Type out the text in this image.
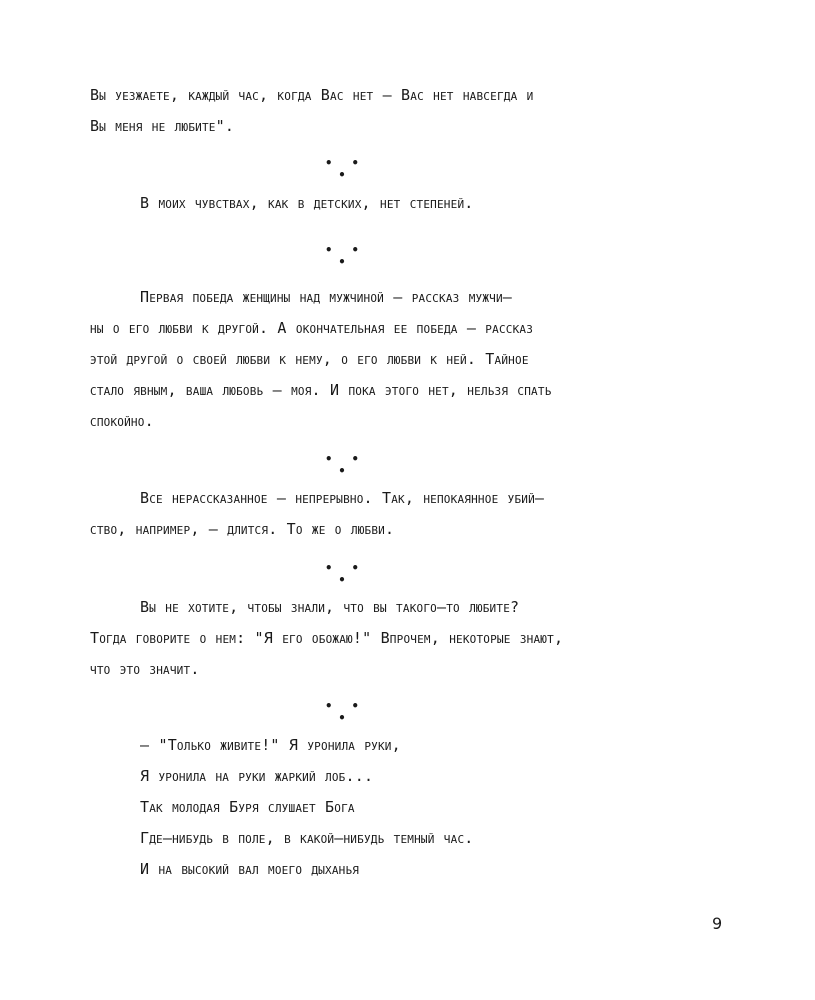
Вы уезжаете, каждый час, когда Вас нет – Вас нет навсегда и
Вы меня не любите".
• • •
В моих чувствах, как в детских, нет степеней.
• • •
Первая победа женщины над мужчиной – рассказ мужчи–
ны о его любви к другой. А окончательная ее победа – рассказ
этой другой о своей любви к нему, о его любви к ней. Тайное
стало явным, ваша любовь – моя. И пока этого нет, нельзя спать
спокойно.
• • •
Все нерассказанное – непрерывно. Так, непокаянное убий–
ство, например, – длится. То же о любви.
• • •
Вы не хотите, чтобы знали, что вы такого–то любите?
Тогда говорите о нем: "Я его обожаю!" Впрочем, некоторые знают,
что это значит.
• • •
– "Только живите!" Я уронила руки,
Я уронила на руки жаркий лоб...
Так молодая Буря слушает Бога
Где–нибудь в поле, в какой–нибудь темный час.
И на высокий вал моего дыханья
9
